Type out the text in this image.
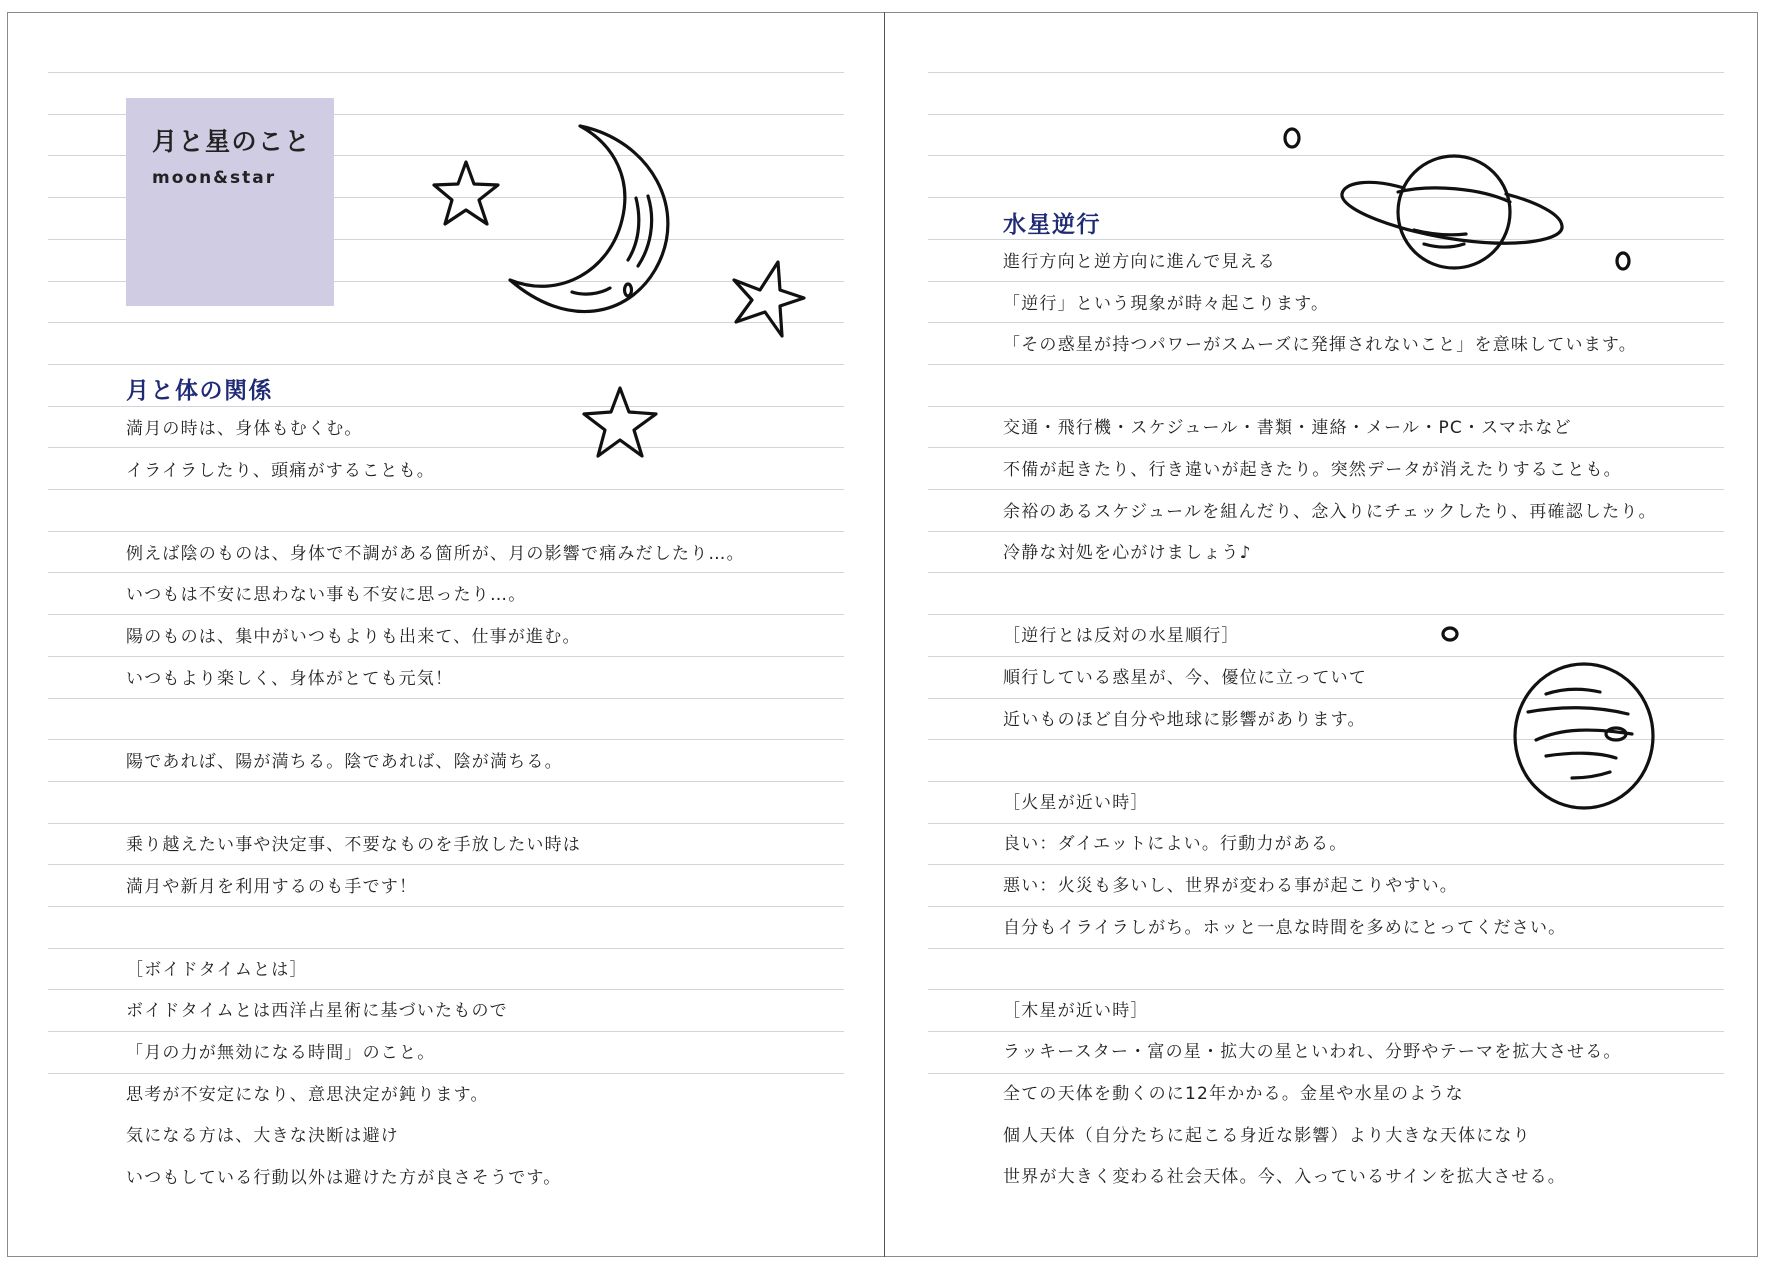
月と星のこと
moon&star
月と体の関係
満月の時は、身体もむくむ。
イライラしたり、頭痛がすることも。
例えば陰のものは、身体で不調がある箇所が、月の影響で痛みだしたり…。
いつもは不安に思わない事も不安に思ったり…。
陽のものは、集中がいつもよりも出来て、仕事が進む。
いつもより楽しく、身体がとても元気！
陽であれば、陽が満ちる。陰であれば、陰が満ちる。
乗り越えたい事や決定事、不要なものを手放したい時は
満月や新月を利用するのも手です！
［ボイドタイムとは］
ボイドタイムとは西洋占星術に基づいたもので
「月の力が無効になる時間」のこと。
思考が不安定になり、意思決定が鈍ります。
気になる方は、大きな決断は避け
いつもしている行動以外は避けた方が良さそうです。
水星逆行
進行方向と逆方向に進んで見える
「逆行」という現象が時々起こります。
「その惑星が持つパワーがスムーズに発揮されないこと」を意味しています。
交通・飛行機・スケジュール・書類・連絡・メール・PC・スマホなど
不備が起きたり、行き違いが起きたり。突然データが消えたりすることも。
余裕のあるスケジュールを組んだり、念入りにチェックしたり、再確認したり。
冷静な対処を心がけましょう♪
［逆行とは反対の水星順行］
順行している惑星が、今、優位に立っていて
近いものほど自分や地球に影響があります。
［火星が近い時］
良い：ダイエットによい。行動力がある。
悪い：火災も多いし、世界が変わる事が起こりやすい。
自分もイライラしがち。ホッと一息な時間を多めにとってください。
［木星が近い時］
ラッキースター・富の星・拡大の星といわれ、分野やテーマを拡大させる。
全ての天体を動くのに12年かかる。金星や水星のような
個人天体（自分たちに起こる身近な影響）より大きな天体になり
世界が大きく変わる社会天体。今、入っているサインを拡大させる。
